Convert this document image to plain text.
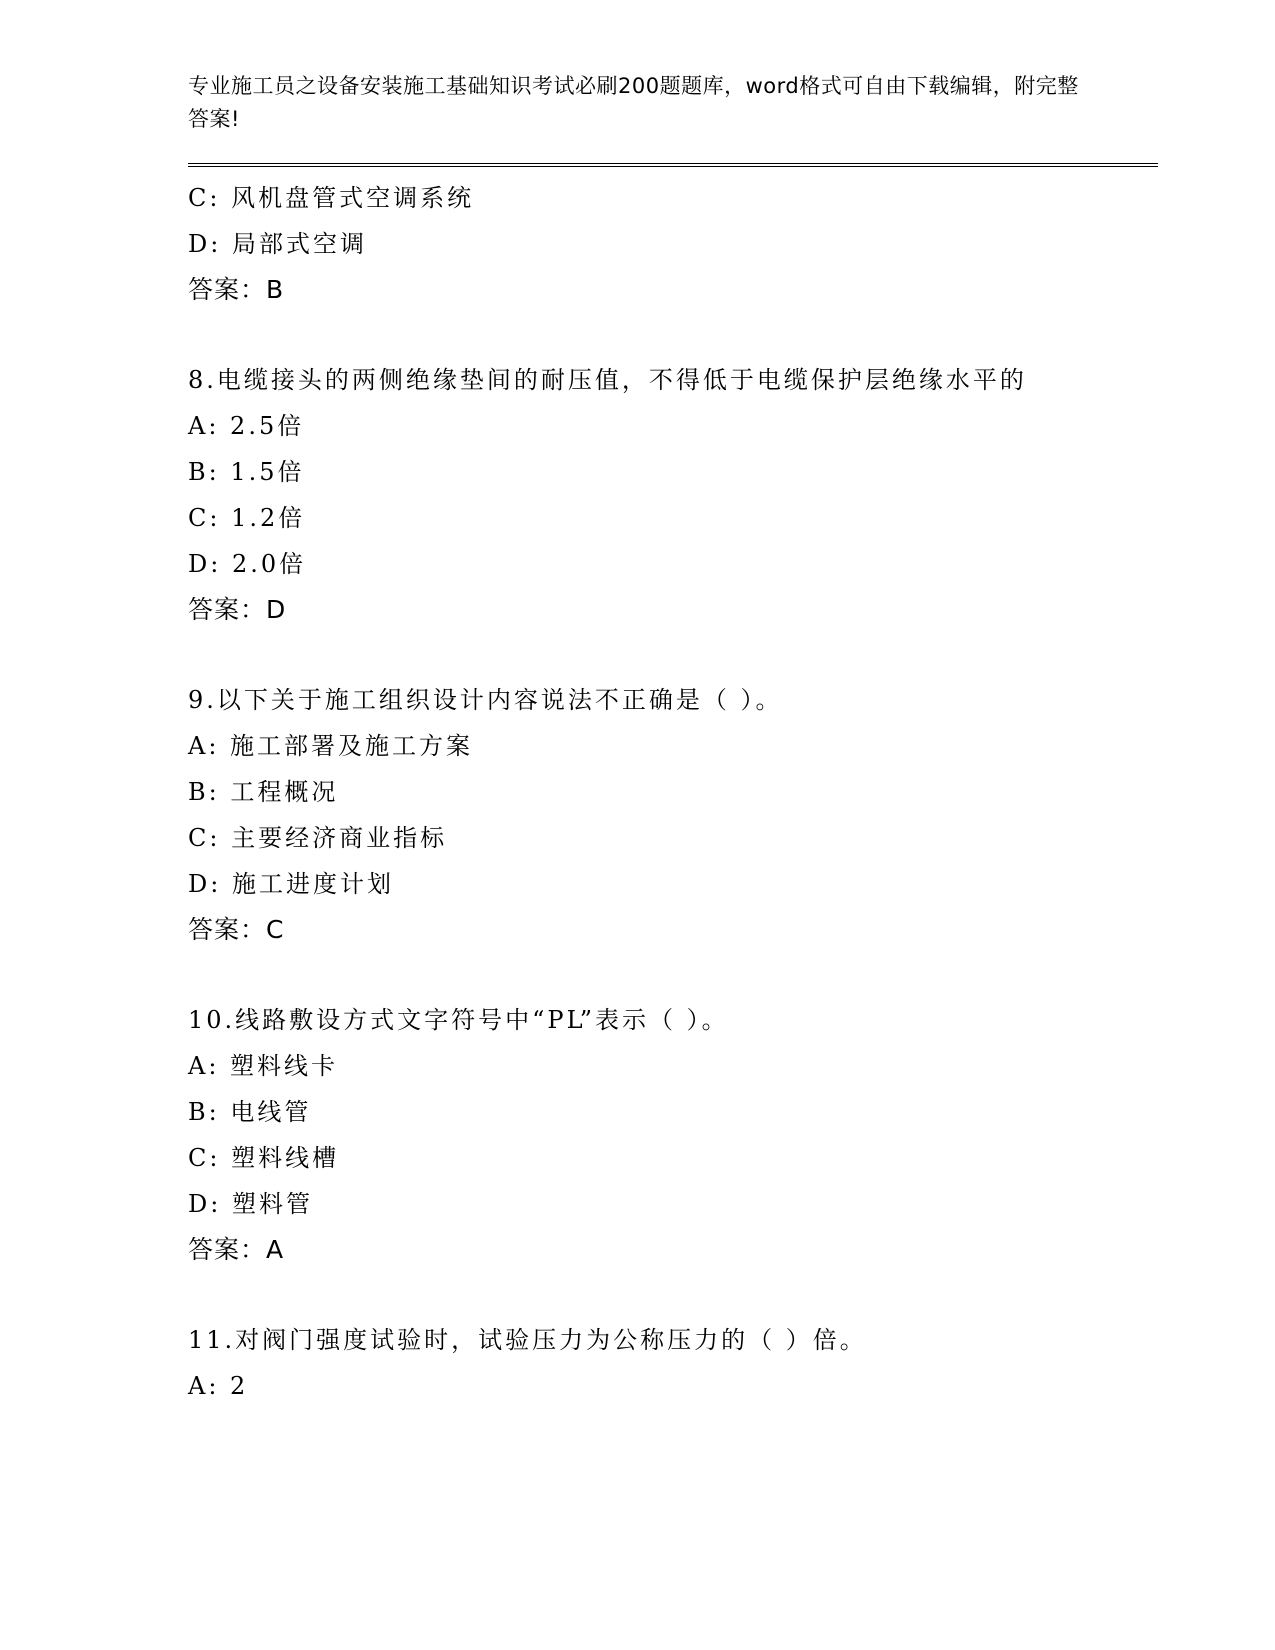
专业施工员之设备安装施工基础知识考试必刷200题题库，word格式可自由下载编辑，附完整答案!

C: 风机盘管式空调系统
D: 局部式空调
答案：B
8.电缆接头的两侧绝缘垫间的耐压值，不得低于电缆保护层绝缘水平的
A: 2.5倍
B: 1.5倍
C: 1.2倍
D: 2.0倍
答案：D
9.以下关于施工组织设计内容说法不正确是（ ）。
A: 施工部署及施工方案
B: 工程概况
C: 主要经济商业指标
D: 施工进度计划
答案：C
10.线路敷设方式文字符号中“PL”表示（ ）。
A: 塑料线卡
B: 电线管
C: 塑料线槽
D: 塑料管
答案：A
11.对阀门强度试验时，试验压力为公称压力的（ ）倍。
A: 2
